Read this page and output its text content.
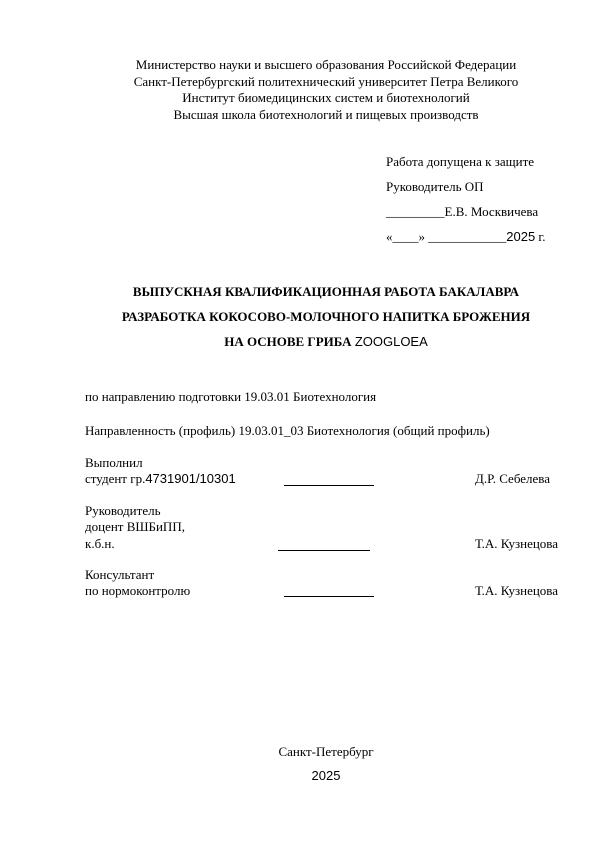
Министерство науки и высшего образования Российской Федерации
Санкт-Петербургский политехнический университет Петра Великого
Институт биомедицинских систем и биотехнологий
Высшая школа биотехнологий и пищевых производств
Работа допущена к защите
Руководитель ОП
_________Е.В. Москвичева
«____» ____________2025 г.
ВЫПУСКНАЯ КВАЛИФИКАЦИОННАЯ РАБОТА БАКАЛАВРА
РАЗРАБОТКА КОКОСОВО-МОЛОЧНОГО НАПИТКА БРОЖЕНИЯ
НА ОСНОВЕ ГРИБА ZOOGLOEA
по направлению подготовки 19.03.01 Биотехнология
Направленность (профиль) 19.03.01_03 Биотехнология (общий профиль)
Выполнил
студент гр.4731901/10301	Д.Р. Себелева
Руководитель
доцент ВШБиПП,
к.б.н.	Т.А. Кузнецова
Консультант
по нормоконтролю	Т.А. Кузнецова
Санкт-Петербург
2025
